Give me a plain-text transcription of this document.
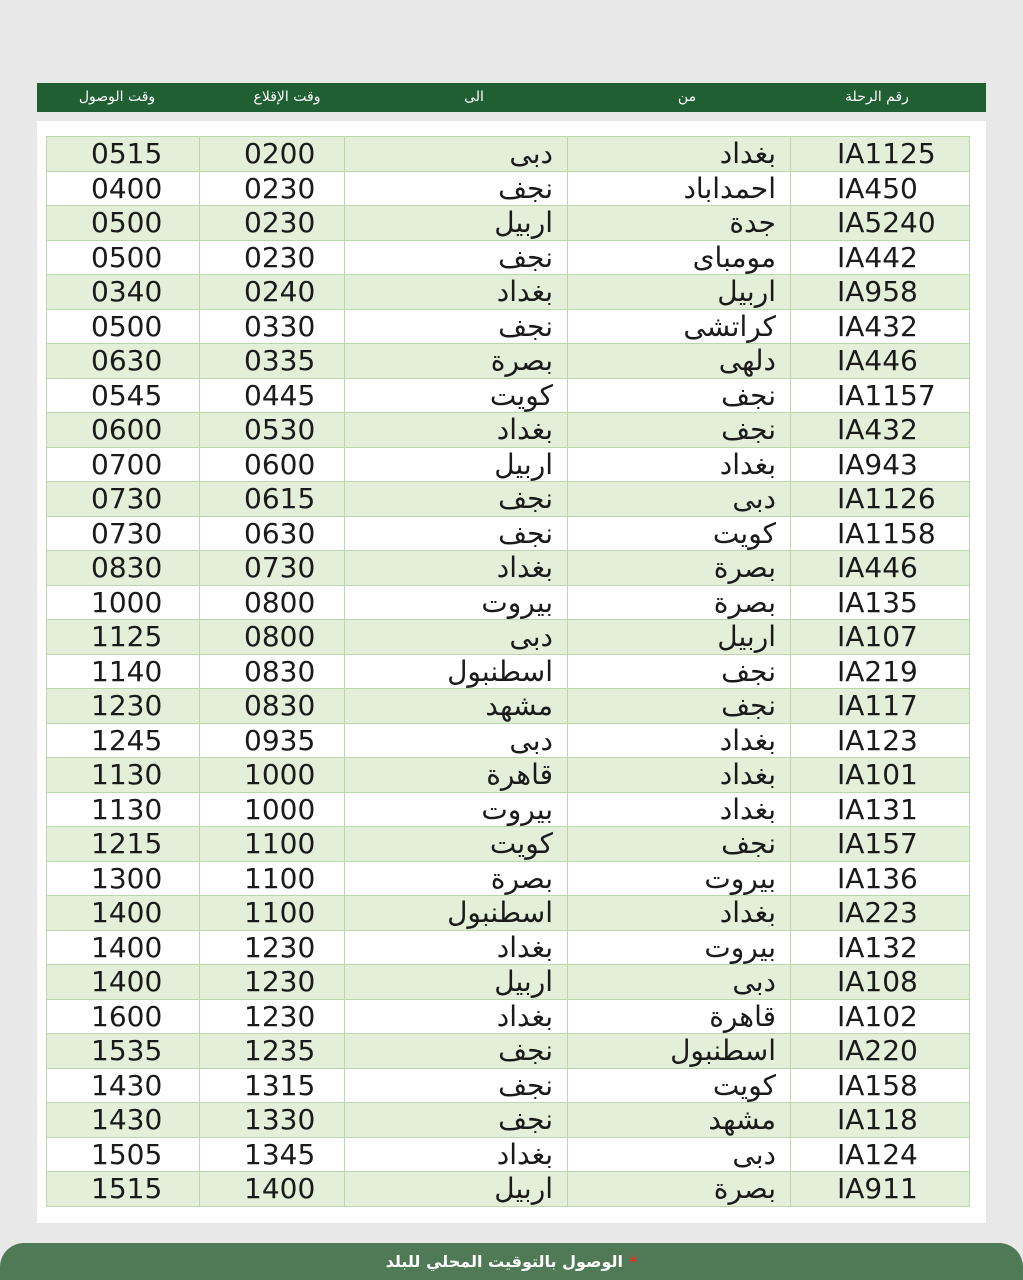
وقت الوصول	وقت الإقلاع	الى	من	رقم الرحلة
0515	0200	دبى	بغداد	IA1125
0400	0230	نجف	احمداباد	IA450
0500	0230	اربيل	جدة	IA5240
0500	0230	نجف	مومباى	IA442
0340	0240	بغداد	اربيل	IA958
0500	0330	نجف	كراتشى	IA432
0630	0335	بصرة	دلهى	IA446
0545	0445	كويت	نجف	IA1157
0600	0530	بغداد	نجف	IA432
0700	0600	اربيل	بغداد	IA943
0730	0615	نجف	دبى	IA1126
0730	0630	نجف	كويت	IA1158
0830	0730	بغداد	بصرة	IA446
1000	0800	بيروت	بصرة	IA135
1125	0800	دبى	اربيل	IA107
1140	0830	اسطنبول	نجف	IA219
1230	0830	مشهد	نجف	IA117
1245	0935	دبى	بغداد	IA123
1130	1000	قاهرة	بغداد	IA101
1130	1000	بيروت	بغداد	IA131
1215	1100	كويت	نجف	IA157
1300	1100	بصرة	بيروت	IA136
1400	1100	اسطنبول	بغداد	IA223
1400	1230	بغداد	بيروت	IA132
1400	1230	اربيل	دبى	IA108
1600	1230	بغداد	قاهرة	IA102
1535	1235	نجف	اسطنبول	IA220
1430	1315	نجف	كويت	IA158
1430	1330	نجف	مشهد	IA118
1505	1345	بغداد	دبى	IA124
1515	1400	اربيل	بصرة	IA911
*الوصول بالتوقيت المحلي للبلد
